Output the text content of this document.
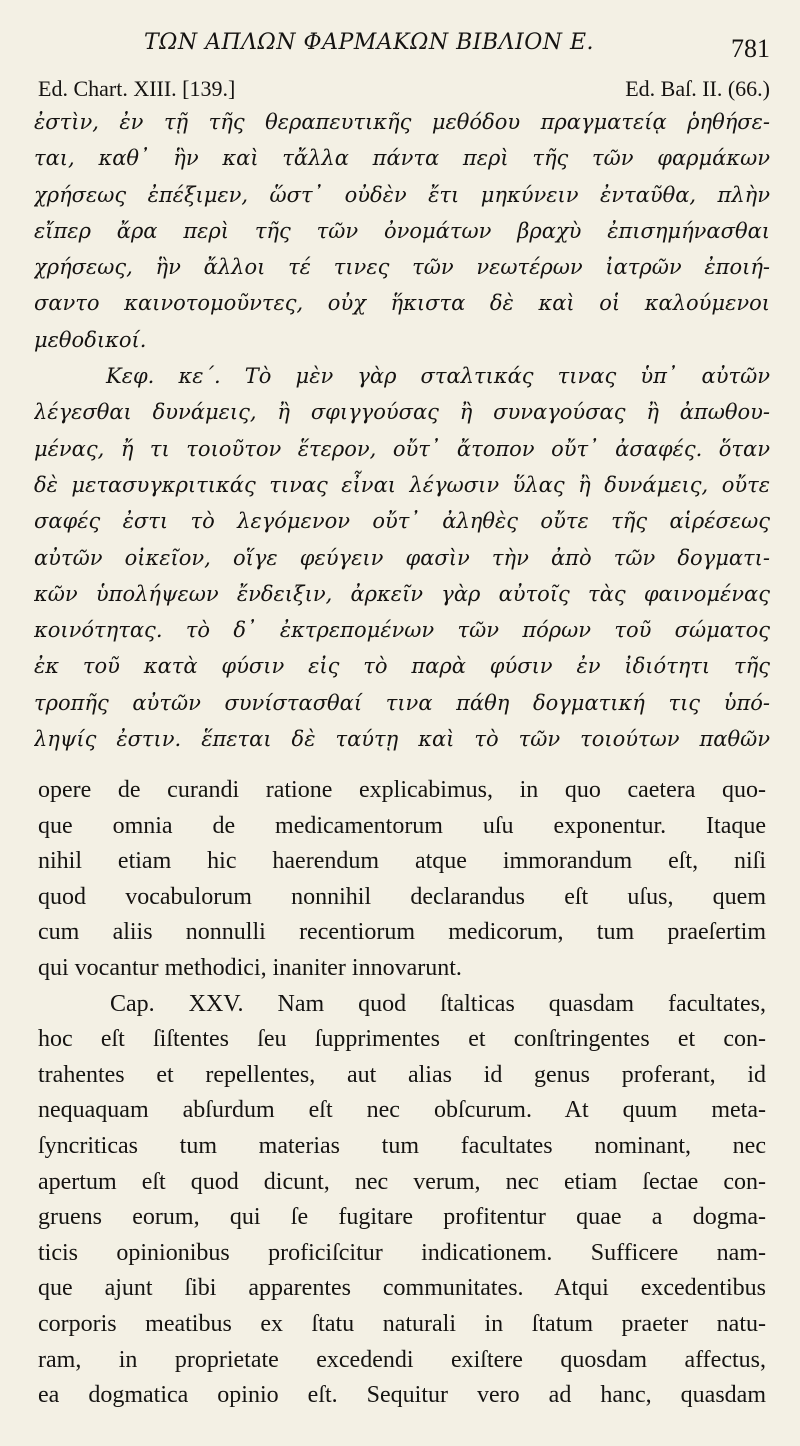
ΤΩΝ ΑΠΛΩΝ ΦΑΡΜΑΚΩΝ ΒΙΒΛΙΟΝ Ε.	781
Ed. Chart. XIII. [139.]	Ed. Baſ. II. (66.)
ἐστὶν, ἐν τῇ τῆς θεραπευτικῆς μεθόδου πραγματείᾳ ῥηθήσε-
ται, καθ᾽ ἣν καὶ τἄλλα πάντα περὶ τῆς τῶν φαρμάκων
χρήσεως ἐπέξιμεν, ὥστ᾽ οὐδὲν ἔτι μηκύνειν ἐνταῦθα, πλὴν
εἴπερ ἄρα περὶ τῆς τῶν ὀνομάτων βραχὺ ἐπισημήνασθαι
χρήσεως, ἣν ἄλλοι τέ τινες τῶν νεωτέρων ἰατρῶν ἐποιή-
σαντο καινοτομοῦντες, οὐχ ἥκιστα δὲ καὶ οἱ καλούμενοι
μεθοδικοί.
Κεφ. κε΄. Τὸ μὲν γὰρ σταλτικάς τινας ὑπ᾽ αὐτῶν
λέγεσθαι δυνάμεις, ἢ σφιγγούσας ἢ συναγούσας ἢ ἀπωθου-
μένας, ἤ τι τοιοῦτον ἕτερον, οὔτ᾽ ἄτοπον οὔτ᾽ ἀσαφές. ὅταν
δὲ μετασυγκριτικάς τινας εἶναι λέγωσιν ὕλας ἢ δυνάμεις, οὔτε
σαφές ἐστι τὸ λεγόμενον οὔτ᾽ ἀληθὲς οὔτε τῆς αἱρέσεως
αὐτῶν οἰκεῖον, οἵγε φεύγειν φασὶν τὴν ἀπὸ τῶν δογματι-
κῶν ὑπολήψεων ἔνδειξιν, ἀρκεῖν γὰρ αὐτοῖς τὰς φαινομένας
κοινότητας. τὸ δ᾽ ἐκτρεπομένων τῶν πόρων τοῦ σώματος
ἐκ τοῦ κατὰ φύσιν εἰς τὸ παρὰ φύσιν ἐν ἰδιότητι τῆς
τροπῆς αὐτῶν συνίστασθαί τινα πάθη δογματική τις ὑπό-
ληψίς ἐστιν. ἕπεται δὲ ταύτῃ καὶ τὸ τῶν τοιούτων παθῶν
opere de curandi ratione explicabimus, in quo caetera quo-
que omnia de medicamentorum uſu exponentur. Itaque
nihil etiam hic haerendum atque immorandum eſt, niſi
quod vocabulorum nonnihil declarandus eſt uſus, quem
cum aliis nonnulli recentiorum medicorum, tum praeſertim
qui vocantur methodici, inaniter innovarunt.
Cap. XXV. Nam quod ſtalticas quasdam facultates,
hoc eſt ſiſtentes ſeu ſupprimentes et conſtringentes et con-
trahentes et repellentes, aut alias id genus proferant, id
nequaquam abſurdum eſt nec obſcurum. At quum meta-
ſyncriticas tum materias tum facultates nominant, nec
apertum eſt quod dicunt, nec verum, nec etiam ſectae con-
gruens eorum, qui ſe fugitare profitentur quae a dogma-
ticis opinionibus proficiſcitur indicationem. Sufficere nam-
que ajunt ſibi apparentes communitates. Atqui excedentibus
corporis meatibus ex ſtatu naturali in ſtatum praeter natu-
ram, in proprietate excedendi exiſtere quosdam affectus,
ea dogmatica opinio eſt. Sequitur vero ad hanc, quasdam
